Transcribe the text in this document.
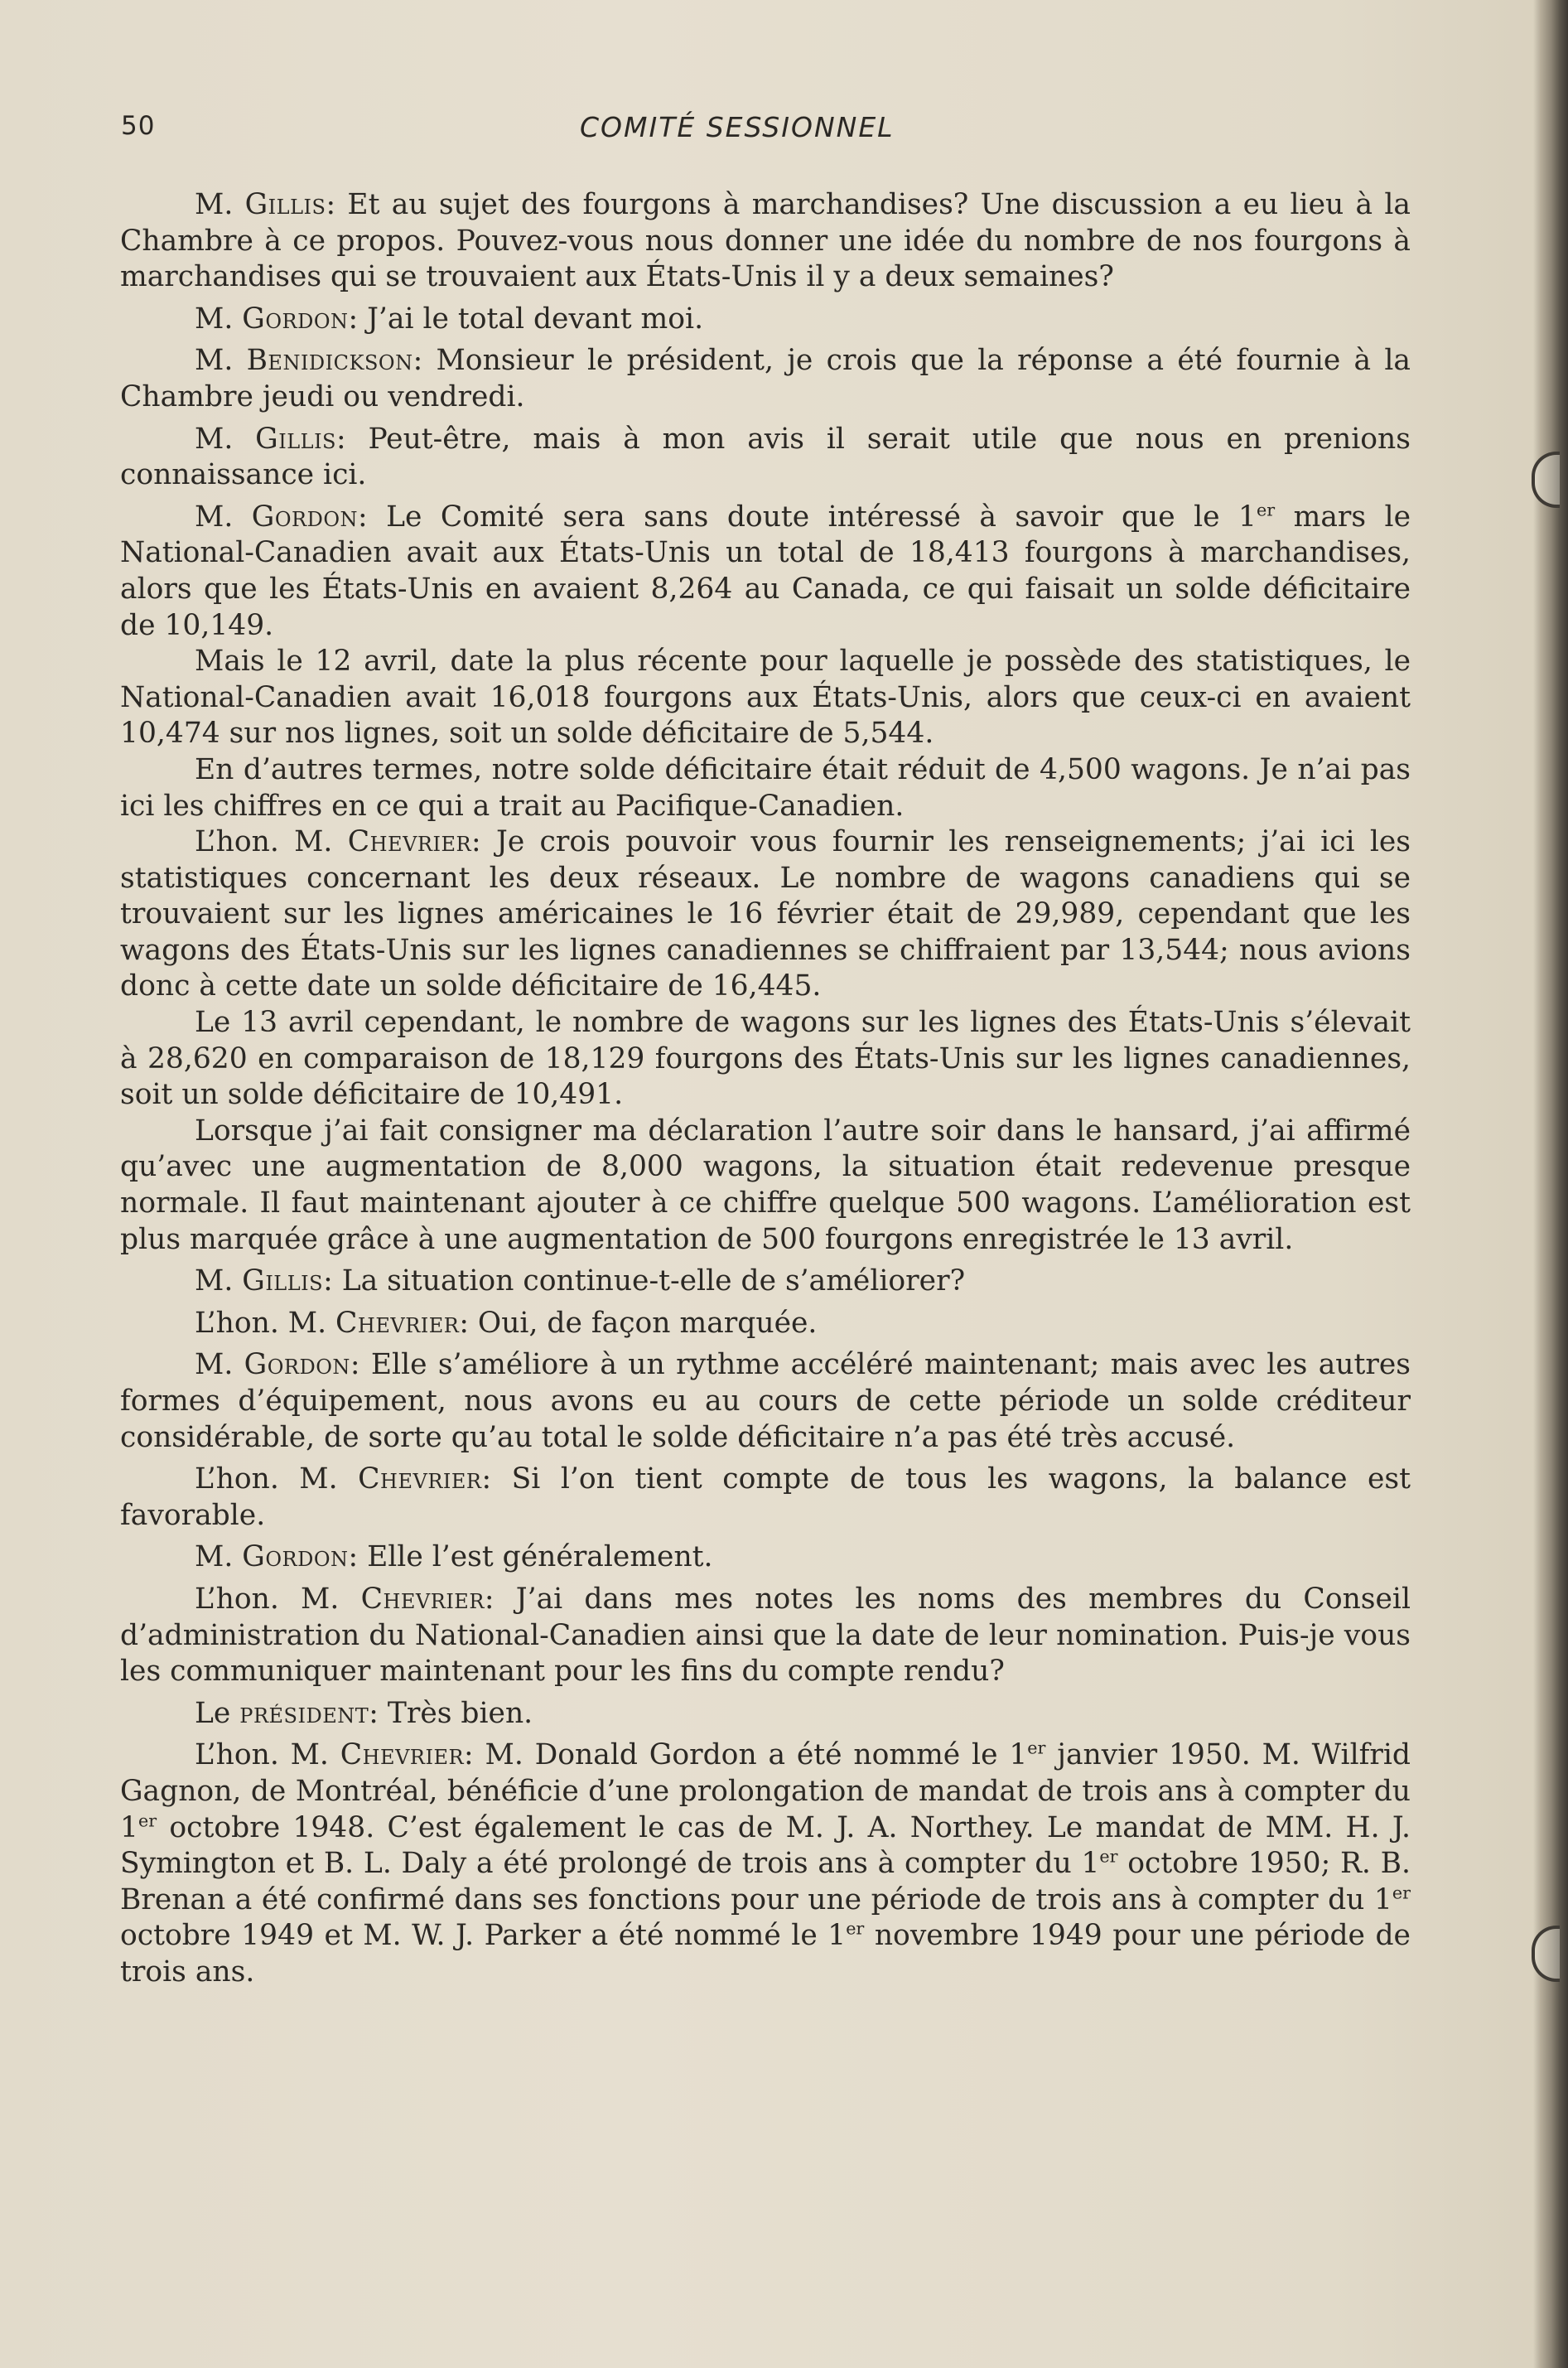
50	COMITÉ SESSIONNEL

M. Gillis: Et au sujet des fourgons à marchandises? Une discussion a eu lieu à la Chambre à ce propos. Pouvez-vous nous donner une idée du nombre de nos fourgons à marchandises qui se trouvaient aux États-Unis il y a deux semaines?

M. Gordon: J’ai le total devant moi.

M. Benidickson: Monsieur le président, je crois que la réponse a été fournie à la Chambre jeudi ou vendredi.

M. Gillis: Peut-être, mais à mon avis il serait utile que nous en prenions connaissance ici.

M. Gordon: Le Comité sera sans doute intéressé à savoir que le 1er mars le National-Canadien avait aux États-Unis un total de 18,413 fourgons à marchandises, alors que les États-Unis en avaient 8,264 au Canada, ce qui faisait un solde déficitaire de 10,149.

Mais le 12 avril, date la plus récente pour laquelle je possède des statistiques, le National-Canadien avait 16,018 fourgons aux États-Unis, alors que ceux-ci en avaient 10,474 sur nos lignes, soit un solde déficitaire de 5,544.

En d’autres termes, notre solde déficitaire était réduit de 4,500 wagons. Je n’ai pas ici les chiffres en ce qui a trait au Pacifique-Canadien.

L’hon. M. Chevrier: Je crois pouvoir vous fournir les renseignements; j’ai ici les statistiques concernant les deux réseaux. Le nombre de wagons canadiens qui se trouvaient sur les lignes américaines le 16 février était de 29,989, cependant que les wagons des États-Unis sur les lignes canadiennes se chiffraient par 13,544; nous avions donc à cette date un solde déficitaire de 16,445.

Le 13 avril cependant, le nombre de wagons sur les lignes des États-Unis s’élevait à 28,620 en comparaison de 18,129 fourgons des États-Unis sur les lignes canadiennes, soit un solde déficitaire de 10,491.

Lorsque j’ai fait consigner ma déclaration l’autre soir dans le hansard, j’ai affirmé qu’avec une augmentation de 8,000 wagons, la situation était redevenue presque normale. Il faut maintenant ajouter à ce chiffre quelque 500 wagons. L’amélioration est plus marquée grâce à une augmentation de 500 fourgons enregistrée le 13 avril.

M. Gillis: La situation continue-t-elle de s’améliorer?

L’hon. M. Chevrier: Oui, de façon marquée.

M. Gordon: Elle s’améliore à un rythme accéléré maintenant; mais avec les autres formes d’équipement, nous avons eu au cours de cette période un solde créditeur considérable, de sorte qu’au total le solde déficitaire n’a pas été très accusé.

L’hon. M. Chevrier: Si l’on tient compte de tous les wagons, la balance est favorable.

M. Gordon: Elle l’est généralement.

L’hon. M. Chevrier: J’ai dans mes notes les noms des membres du Conseil d’administration du National-Canadien ainsi que la date de leur nomination. Puis-je vous les communiquer maintenant pour les fins du compte rendu?

Le président: Très bien.

L’hon. M. Chevrier: M. Donald Gordon a été nommé le 1er janvier 1950. M. Wilfrid Gagnon, de Montréal, bénéficie d’une prolongation de mandat de trois ans à compter du 1er octobre 1948. C’est également le cas de M. J. A. Northey. Le mandat de MM. H. J. Symington et B. L. Daly a été prolongé de trois ans à compter du 1er octobre 1950; R. B. Brenan a été confirmé dans ses fonctions pour une période de trois ans à compter du 1er octobre 1949 et M. W. J. Parker a été nommé le 1er novembre 1949 pour une période de trois ans.
